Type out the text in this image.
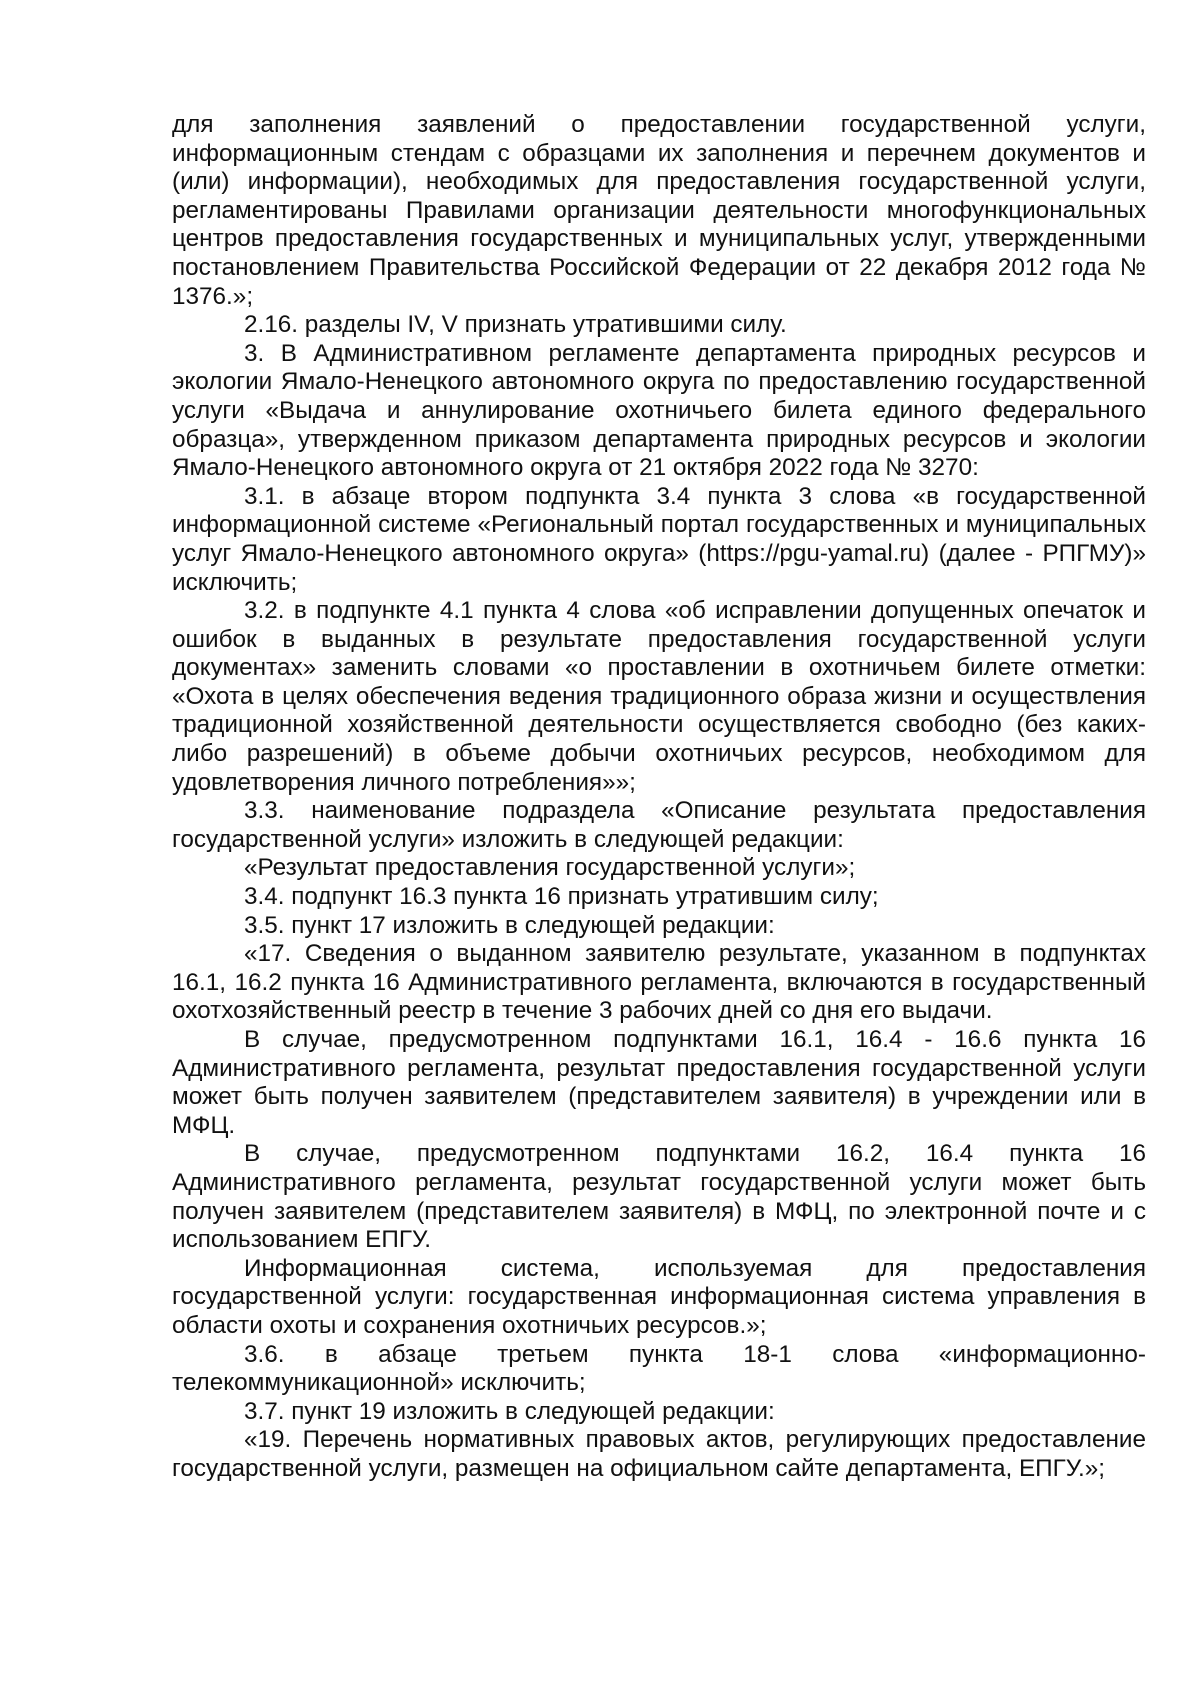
для заполнения заявлений о предоставлении государственной услуги, информационным стендам с образцами их заполнения и перечнем документов и (или) информации), необходимых для предоставления государственной услуги, регламентированы Правилами организации деятельности многофункциональных центров предоставления государственных и муниципальных услуг, утвержденными постановлением Правительства Российской Федерации от 22 декабря 2012 года № 1376.»;

2.16. разделы IV, V признать утратившими силу.

3. В Административном регламенте департамента природных ресурсов и экологии Ямало-Ненецкого автономного округа по предоставлению государственной услуги «Выдача и аннулирование охотничьего билета единого федерального образца», утвержденном приказом департамента природных ресурсов и экологии Ямало-Ненецкого автономного округа от 21 октября 2022 года № 3270:

3.1. в абзаце втором подпункта 3.4 пункта 3 слова «в государственной информационной системе «Региональный портал государственных и муниципальных услуг Ямало-Ненецкого автономного округа» (https://pgu-yamal.ru) (далее - РПГМУ)» исключить;

3.2. в подпункте 4.1 пункта 4 слова «об исправлении допущенных опечаток и ошибок в выданных в результате предоставления государственной услуги документах» заменить словами «о проставлении в охотничьем билете отметки: «Охота в целях обеспечения ведения традиционного образа жизни и осуществления традиционной хозяйственной деятельности осуществляется свободно (без каких-либо разрешений) в объеме добычи охотничьих ресурсов, необходимом для удовлетворения личного потребления»»;

3.3. наименование подраздела «Описание результата предоставления государственной услуги» изложить в следующей редакции:

«Результат предоставления государственной услуги»;

3.4. подпункт 16.3 пункта 16 признать утратившим силу;

3.5. пункт 17 изложить в следующей редакции:

«17. Сведения о выданном заявителю результате, указанном в подпунктах 16.1, 16.2 пункта 16 Административного регламента, включаются в государственный охотхозяйственный реестр в течение 3 рабочих дней со дня его выдачи.

В случае, предусмотренном подпунктами 16.1, 16.4 - 16.6 пункта 16 Административного регламента, результат предоставления государственной услуги может быть получен заявителем (представителем заявителя) в учреждении или в МФЦ.

В случае, предусмотренном подпунктами 16.2, 16.4 пункта 16 Административного регламента, результат государственной услуги может быть получен заявителем (представителем заявителя) в МФЦ, по электронной почте и с использованием ЕПГУ.

Информационная система, используемая для предоставления государственной услуги: государственная информационная система управления в области охоты и сохранения охотничьих ресурсов.»;

3.6. в абзаце третьем пункта 18-1 слова «информационно-телекоммуникационной» исключить;

3.7. пункт 19 изложить в следующей редакции:

«19. Перечень нормативных правовых актов, регулирующих предоставление государственной услуги, размещен на официальном сайте департамента, ЕПГУ.»;
